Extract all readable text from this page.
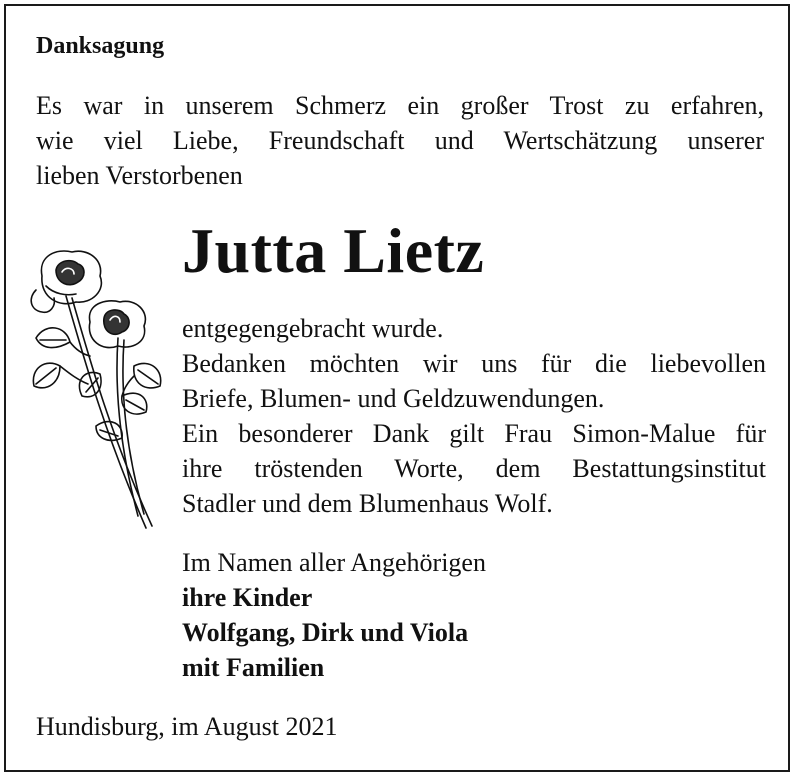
Danksagung
Es war in unserem Schmerz ein großer Trost zu erfahren,
wie viel Liebe, Freundschaft und Wertschätzung unserer
lieben Verstorbenen
Jutta Lietz
entgegengebracht wurde.
Bedanken möchten wir uns für die liebevollen
Briefe, Blumen- und Geldzuwendungen.
Ein besonderer Dank gilt Frau Simon-Malue für
ihre tröstenden Worte, dem Bestattungsinstitut
Stadler und dem Blumenhaus Wolf.
Im Namen aller Angehörigen
ihre Kinder
Wolfgang, Dirk und Viola
mit Familien
Hundisburg, im August 2021
